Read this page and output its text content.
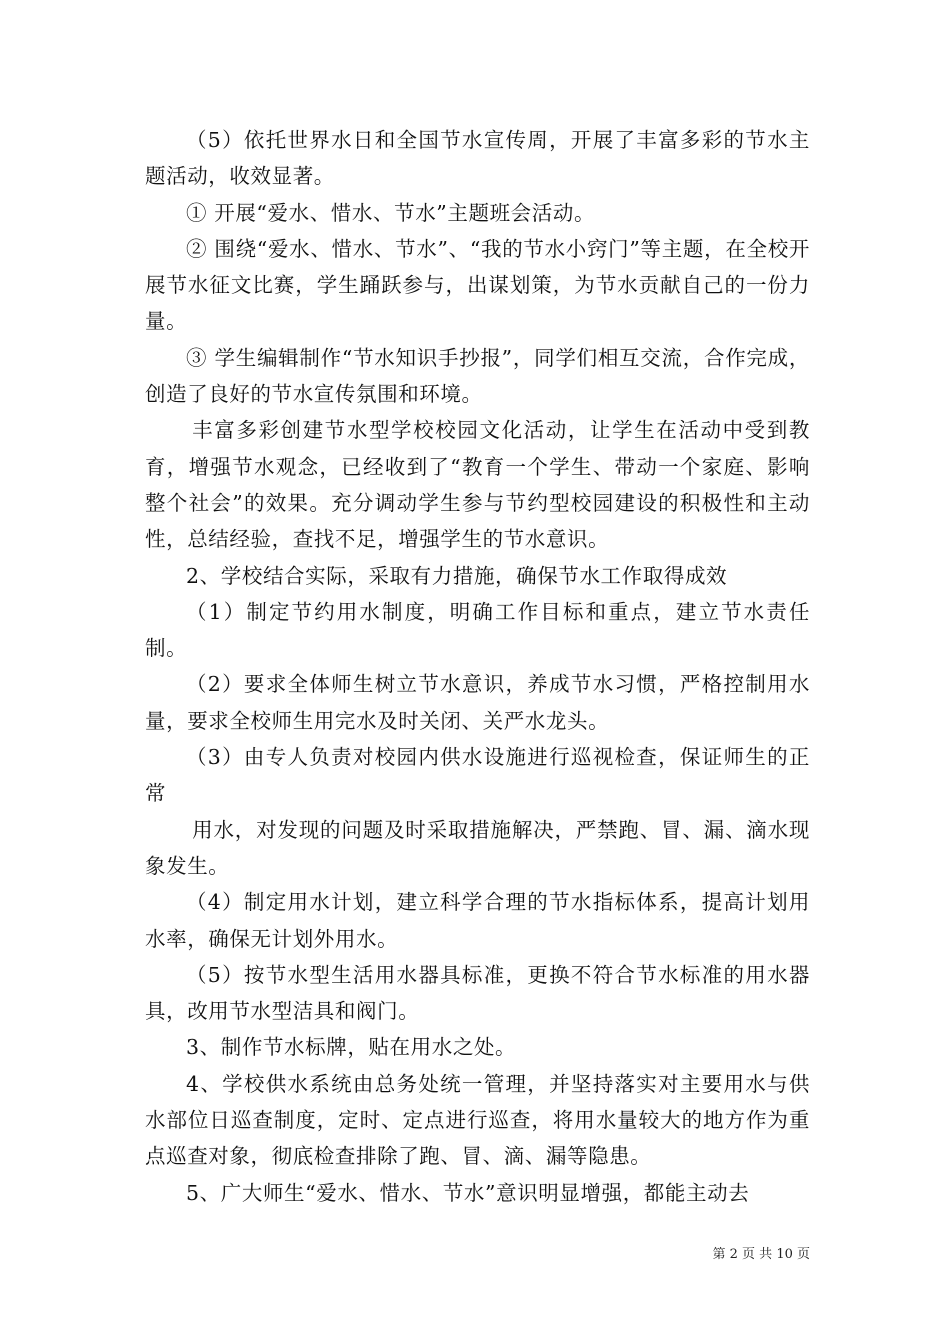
（5）依托世界水日和全国节水宣传周，开展了丰富多彩的节水主题活动，收效显著。

① 开展“爱水、惜水、节水”主题班会活动。

② 围绕“爱水、惜水、节水”、“我的节水小窍门”等主题，在全校开展节水征文比赛，学生踊跃参与，出谋划策，为节水贡献自己的一份力量。

③ 学生编辑制作“节水知识手抄报”，同学们相互交流，合作完成，创造了良好的节水宣传氛围和环境。

丰富多彩创建节水型学校校园文化活动，让学生在活动中受到教育，增强节水观念，已经收到了“教育一个学生、带动一个家庭、影响整个社会”的效果。充分调动学生参与节约型校园建设的积极性和主动性，总结经验，查找不足，增强学生的节水意识。

2、学校结合实际，采取有力措施，确保节水工作取得成效

（1）制定节约用水制度，明确工作目标和重点，建立节水责任制。

（2）要求全体师生树立节水意识，养成节水习惯，严格控制用水量，要求全校师生用完水及时关闭、关严水龙头。

（3）由专人负责对校园内供水设施进行巡视检查，保证师生的正常

用水，对发现的问题及时采取措施解决，严禁跑、冒、漏、滴水现象发生。

（4）制定用水计划，建立科学合理的节水指标体系，提高计划用水率，确保无计划外用水。

（5）按节水型生活用水器具标准，更换不符合节水标准的用水器具，改用节水型洁具和阀门。

3、制作节水标牌，贴在用水之处。

4、学校供水系统由总务处统一管理，并坚持落实对主要用水与供水部位日巡查制度，定时、定点进行巡查，将用水量较大的地方作为重点巡查对象，彻底检查排除了跑、冒、滴、漏等隐患。

5、广大师生“爱水、惜水、节水”意识明显增强，都能主动去

第 2 页 共 10 页
